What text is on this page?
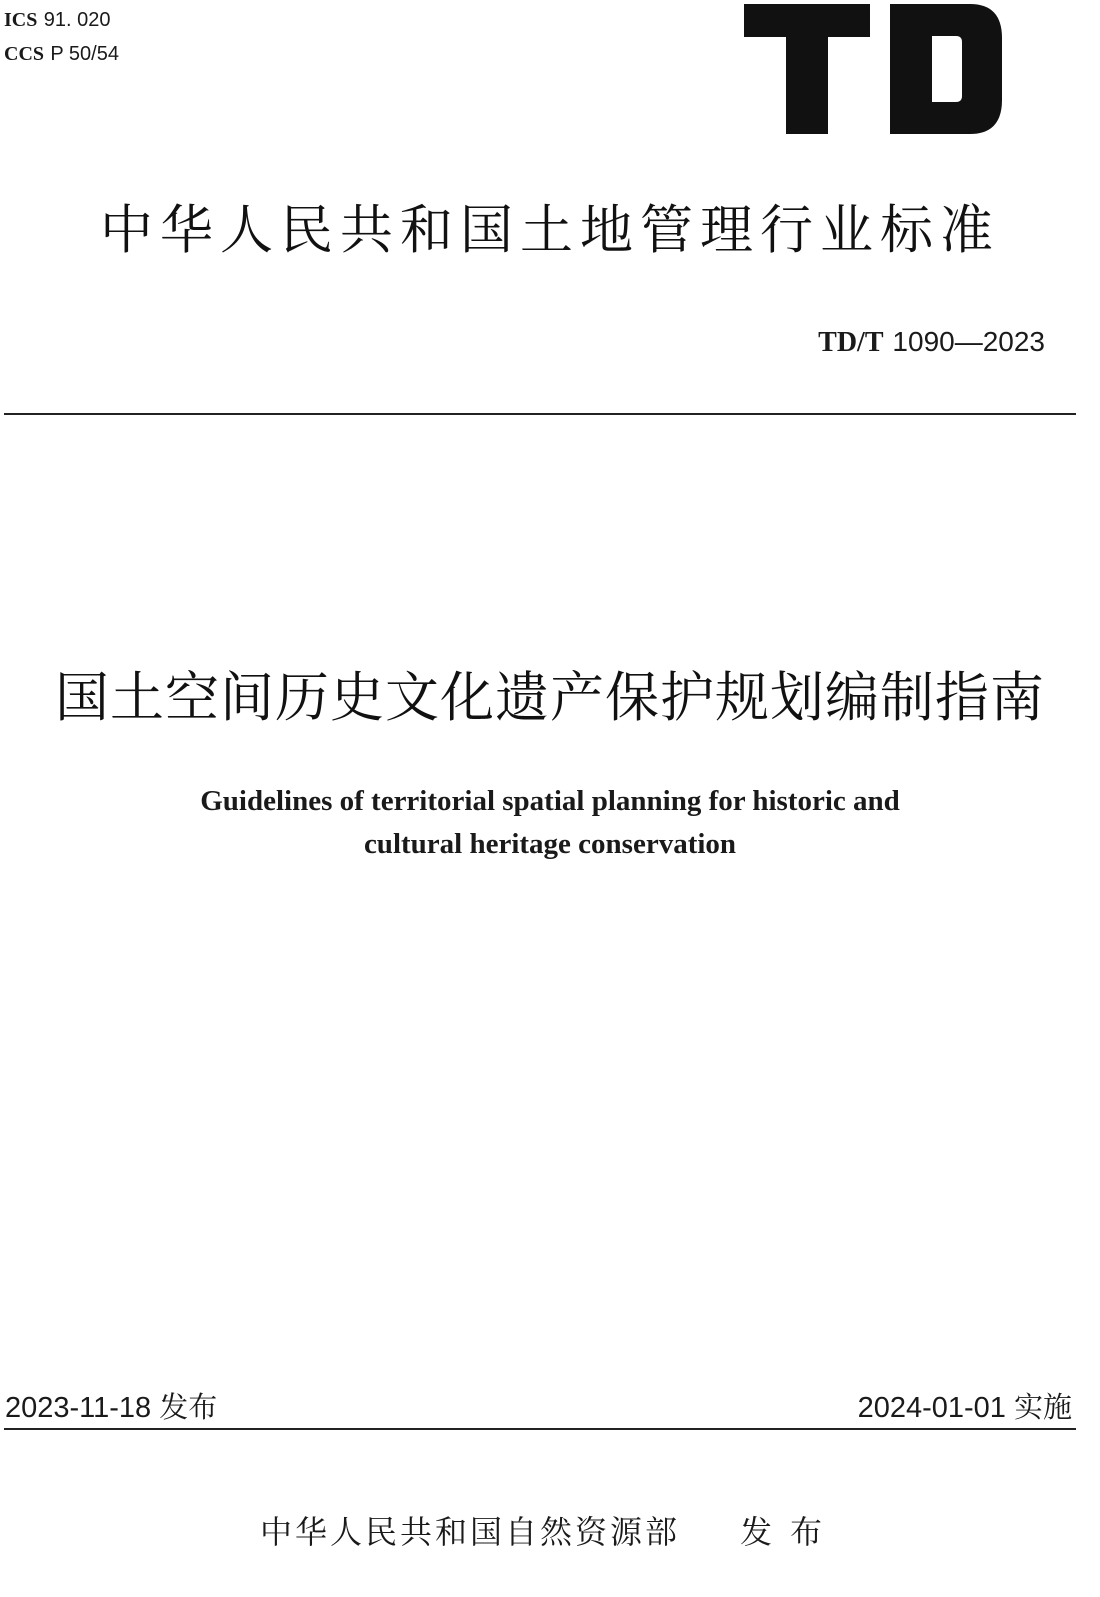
ICS 91. 020
CCS P 50/54
中华人民共和国土地管理行业标准
TD/T 1090—2023
国土空间历史文化遗产保护规划编制指南
Guidelines of territorial spatial planning for historic and
cultural heritage conservation
2023-11-18 发布	2024-01-01 实施
中华人民共和国自然资源部 发布
